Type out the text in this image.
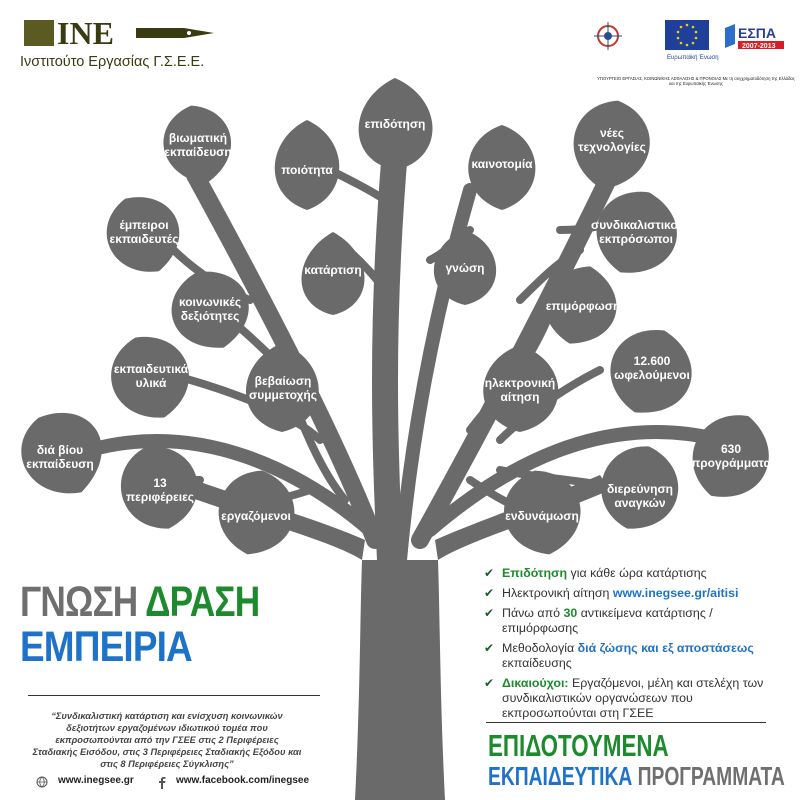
INE
Ινστιτούτο Εργασίας Γ.Σ.Ε.Ε.	Ευρωπαϊκή Ένωση
ΕΣΠΑ
2007-2013
ΥΠΟΥΡΓΕΙΟ ΕΡΓΑΣΙΑΣ, ΚΟΙΝΩΝΙΚΗΣ ΑΣΦΑΛΙΣΗΣ & ΠΡΟΝΟΙΑΣ Με τη συγχρηματοδότηση της Ελλάδας και της Ευρωπαϊκής Ένωσης
βιωματική
εκπαίδευση
ποιότητα
επιδότηση
καινοτομία
νέες
τεχνολογίες
έμπειροι
εκπαιδευτές
συνδικαλιστικοί
εκπρόσωποι
κατάρτιση	γνώση
κοινωνικές
δεξιότητες
επιμόρφωση
εκπαιδευτικά
υλικά	βεβαίωση
συμμετοχής
ηλεκτρονική
αίτηση
12.600
ωφελούμενοι
διά βίου
εκπαίδευση
13
περιφέρειες
εργαζόμενοι	ενδυνάμωση
διερεύνηση
αναγκών
630
προγράμματα
ΓΝΩΣΗ ΔΡΑΣΗ
ΕΜΠΕΙΡΙΑ
“Συνδικαλιστική κατάρτιση και ενίσχυση κοινωνικών δεξιοτήτων εργαζομένων ιδιωτικού τομέα που εκπροσωπούνται από την ΓΣΕΕ στις 2 Περιφέρειες Σταδιακής Εισόδου, στις 3 Περιφέρειες Σταδιακής Εξόδου και στις 8 Περιφέρειες Σύγκλισης”
www.inegsee.gr	www.facebook.com/inegsee
✔ Επιδότηση για κάθε ώρα κατάρτισης
✔ Ηλεκτρονική αίτηση www.inegsee.gr/aitisi
✔ Πάνω από 30 αντικείμενα κατάρτισης / επιμόρφωσης
✔ Μεθοδολογία διά ζώσης και εξ αποστάσεως εκπαίδευσης
✔ Δικαιούχοι: Εργαζόμενοι, μέλη και στελέχη των συνδικαλιστικών οργανώσεων που εκπροσωπούνται στη ΓΣΕΕ
ΕΠΙΔΟΤΟΥΜΕΝΑ
ΕΚΠΑΙΔΕΥΤΙΚΑ ΠΡΟΓΡΑΜΜΑΤΑ
